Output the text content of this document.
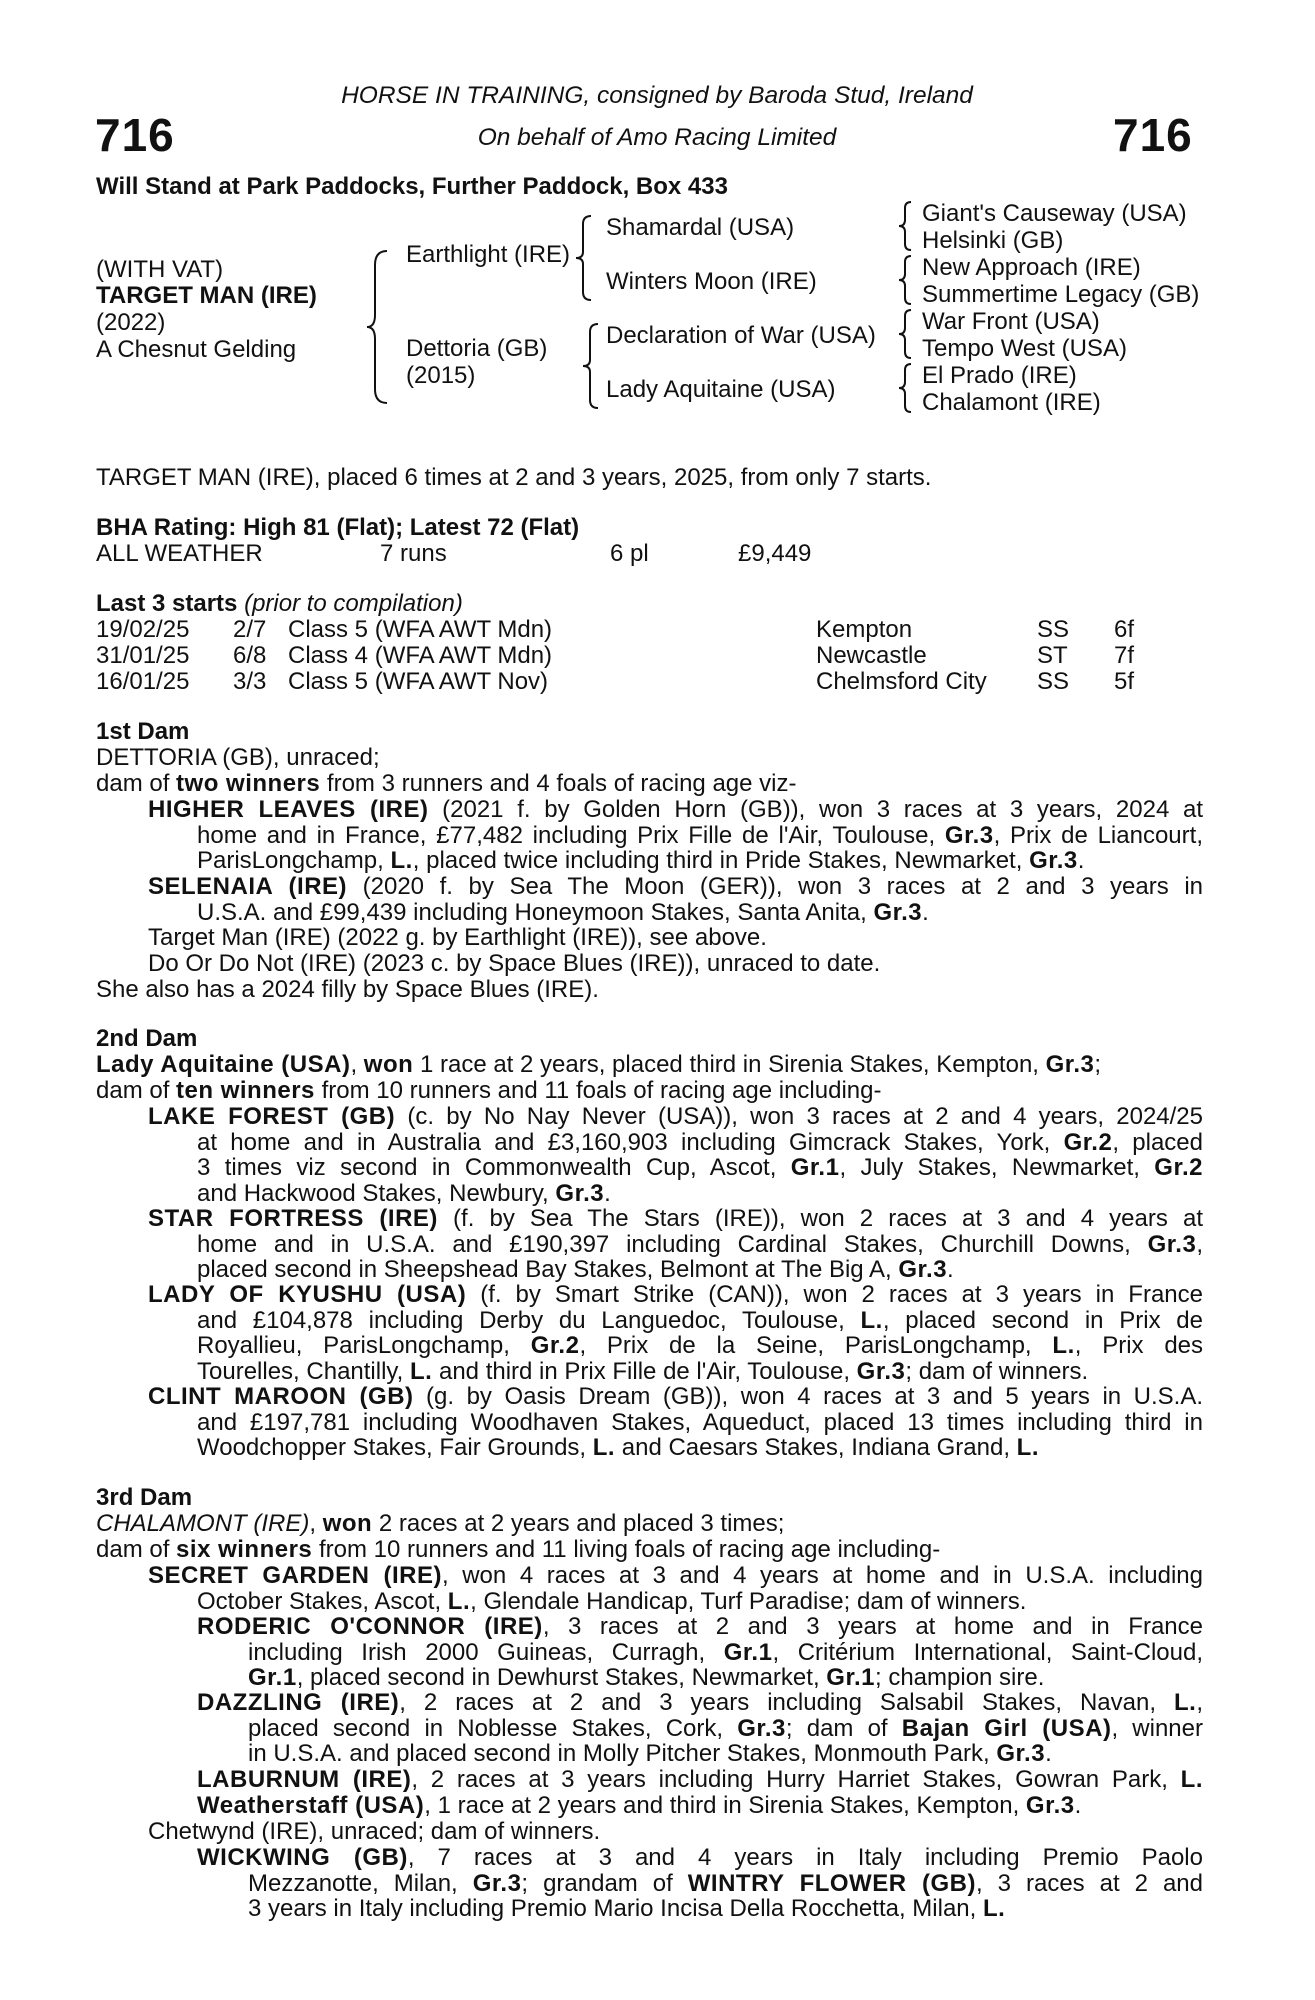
HORSE IN TRAINING, consigned by Baroda Stud, Ireland
On behalf of Amo Racing Limited
716	716
Will Stand at Park Paddocks, Further Paddock, Box 433
(WITH VAT)
TARGET MAN (IRE)
(2022)
A Chesnut Gelding
Earthlight (IRE)
Dettoria (GB)
(2015)
Shamardal (USA)
Winters Moon (IRE)
Declaration of War (USA)
Lady Aquitaine (USA)
Giant's Causeway (USA)
Helsinki (GB)
New Approach (IRE)
Summertime Legacy (GB)
War Front (USA)
Tempo West (USA)
El Prado (IRE)
Chalamont (IRE)
TARGET MAN (IRE), placed 6 times at 2 and 3 years, 2025, from only 7 starts.
BHA Rating: High 81 (Flat); Latest 72 (Flat)
ALL WEATHER	7 runs	6 pl	£9,449
Last 3 starts (prior to compilation)
19/02/25 2/7 Class 5 (WFA AWT Mdn)	Kempton	SS 6f
31/01/25 6/8 Class 4 (WFA AWT Mdn)	Newcastle	ST 7f
16/01/25 3/3 Class 5 (WFA AWT Nov)	Chelmsford City SS 5f
1st Dam
DETTORIA (GB), unraced;
dam of two winners from 3 runners and 4 foals of racing age viz-
HIGHER LEAVES (IRE) (2021 f. by Golden Horn (GB)), won 3 races at 3 years, 2024 at
home and in France, £77,482 including Prix Fille de l'Air, Toulouse, Gr.3, Prix de Liancourt,
ParisLongchamp, L., placed twice including third in Pride Stakes, Newmarket, Gr.3.
SELENAIA (IRE) (2020 f. by Sea The Moon (GER)), won 3 races at 2 and 3 years in
U.S.A. and £99,439 including Honeymoon Stakes, Santa Anita, Gr.3.
Target Man (IRE) (2022 g. by Earthlight (IRE)), see above.
Do Or Do Not (IRE) (2023 c. by Space Blues (IRE)), unraced to date.
She also has a 2024 filly by Space Blues (IRE).
2nd Dam
Lady Aquitaine (USA), won 1 race at 2 years, placed third in Sirenia Stakes, Kempton, Gr.3;
dam of ten winners from 10 runners and 11 foals of racing age including-
LAKE FOREST (GB) (c. by No Nay Never (USA)), won 3 races at 2 and 4 years, 2024/25
at home and in Australia and £3,160,903 including Gimcrack Stakes, York, Gr.2, placed
3 times viz second in Commonwealth Cup, Ascot, Gr.1, July Stakes, Newmarket, Gr.2
and Hackwood Stakes, Newbury, Gr.3.
STAR FORTRESS (IRE) (f. by Sea The Stars (IRE)), won 2 races at 3 and 4 years at
home and in U.S.A. and £190,397 including Cardinal Stakes, Churchill Downs, Gr.3,
placed second in Sheepshead Bay Stakes, Belmont at The Big A, Gr.3.
LADY OF KYUSHU (USA) (f. by Smart Strike (CAN)), won 2 races at 3 years in France
and £104,878 including Derby du Languedoc, Toulouse, L., placed second in Prix de
Royallieu, ParisLongchamp, Gr.2, Prix de la Seine, ParisLongchamp, L., Prix des
Tourelles, Chantilly, L. and third in Prix Fille de l'Air, Toulouse, Gr.3; dam of winners.
CLINT MAROON (GB) (g. by Oasis Dream (GB)), won 4 races at 3 and 5 years in U.S.A.
and £197,781 including Woodhaven Stakes, Aqueduct, placed 13 times including third in
Woodchopper Stakes, Fair Grounds, L. and Caesars Stakes, Indiana Grand, L.
3rd Dam
CHALAMONT (IRE), won 2 races at 2 years and placed 3 times;
dam of six winners from 10 runners and 11 living foals of racing age including-
SECRET GARDEN (IRE), won 4 races at 3 and 4 years at home and in U.S.A. including
October Stakes, Ascot, L., Glendale Handicap, Turf Paradise; dam of winners.
RODERIC O'CONNOR (IRE), 3 races at 2 and 3 years at home and in France
including Irish 2000 Guineas, Curragh, Gr.1, Critérium International, Saint-Cloud,
Gr.1, placed second in Dewhurst Stakes, Newmarket, Gr.1; champion sire.
DAZZLING (IRE), 2 races at 2 and 3 years including Salsabil Stakes, Navan, L.,
placed second in Noblesse Stakes, Cork, Gr.3; dam of Bajan Girl (USA), winner
in U.S.A. and placed second in Molly Pitcher Stakes, Monmouth Park, Gr.3.
LABURNUM (IRE), 2 races at 3 years including Hurry Harriet Stakes, Gowran Park, L.
Weatherstaff (USA), 1 race at 2 years and third in Sirenia Stakes, Kempton, Gr.3.
Chetwynd (IRE), unraced; dam of winners.
WICKWING (GB), 7 races at 3 and 4 years in Italy including Premio Paolo
Mezzanotte, Milan, Gr.3; grandam of WINTRY FLOWER (GB), 3 races at 2 and
3 years in Italy including Premio Mario Incisa Della Rocchetta, Milan, L.
